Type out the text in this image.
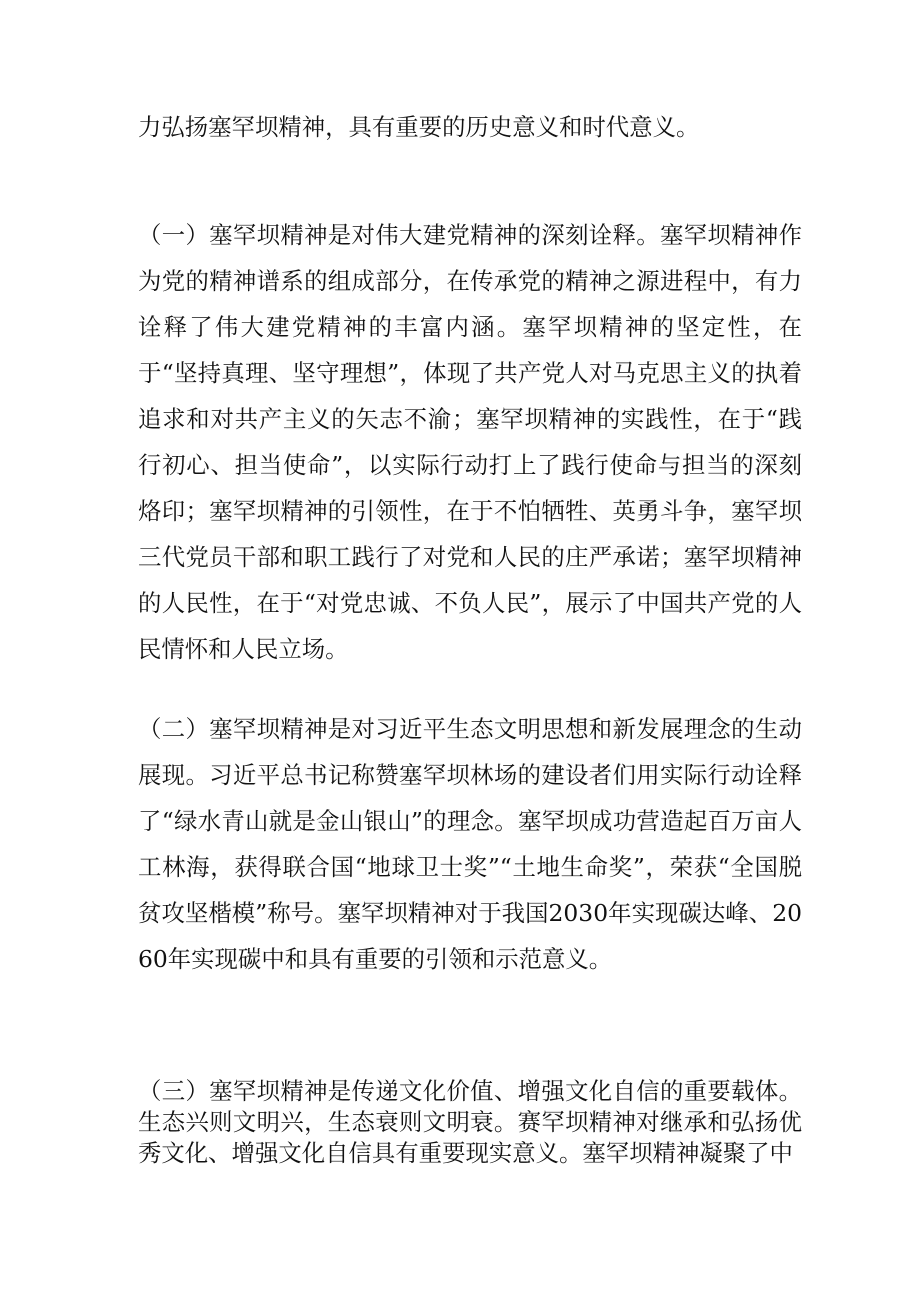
力弘扬塞罕坝精神，具有重要的历史意义和时代意义。

（一）塞罕坝精神是对伟大建党精神的深刻诠释。塞罕坝精神作为党的精神谱系的组成部分，在传承党的精神之源进程中，有力诠释了伟大建党精神的丰富内涵。塞罕坝精神的坚定性，在于“坚持真理、坚守理想”，体现了共产党人对马克思主义的执着追求和对共产主义的矢志不渝；塞罕坝精神的实践性，在于“践行初心、担当使命”，以实际行动打上了践行使命与担当的深刻烙印；塞罕坝精神的引领性，在于不怕牺牲、英勇斗争，塞罕坝三代党员干部和职工践行了对党和人民的庄严承诺；塞罕坝精神的人民性，在于“对党忠诚、不负人民”，展示了中国共产党的人民情怀和人民立场。

（二）塞罕坝精神是对习近平生态文明思想和新发展理念的生动展现。习近平总书记称赞塞罕坝林场的建设者们用实际行动诠释了“绿水青山就是金山银山”的理念。塞罕坝成功营造起百万亩人工林海，获得联合国“地球卫士奖”“土地生命奖”，荣获“全国脱贫攻坚楷模”称号。塞罕坝精神对于我国2030年实现碳达峰、2060年实现碳中和具有重要的引领和示范意义。

（三）塞罕坝精神是传递文化价值、增强文化自信的重要载体。生态兴则文明兴，生态衰则文明衰。赛罕坝精神对继承和弘扬优秀文化、增强文化自信具有重要现实意义。塞罕坝精神凝聚了中
